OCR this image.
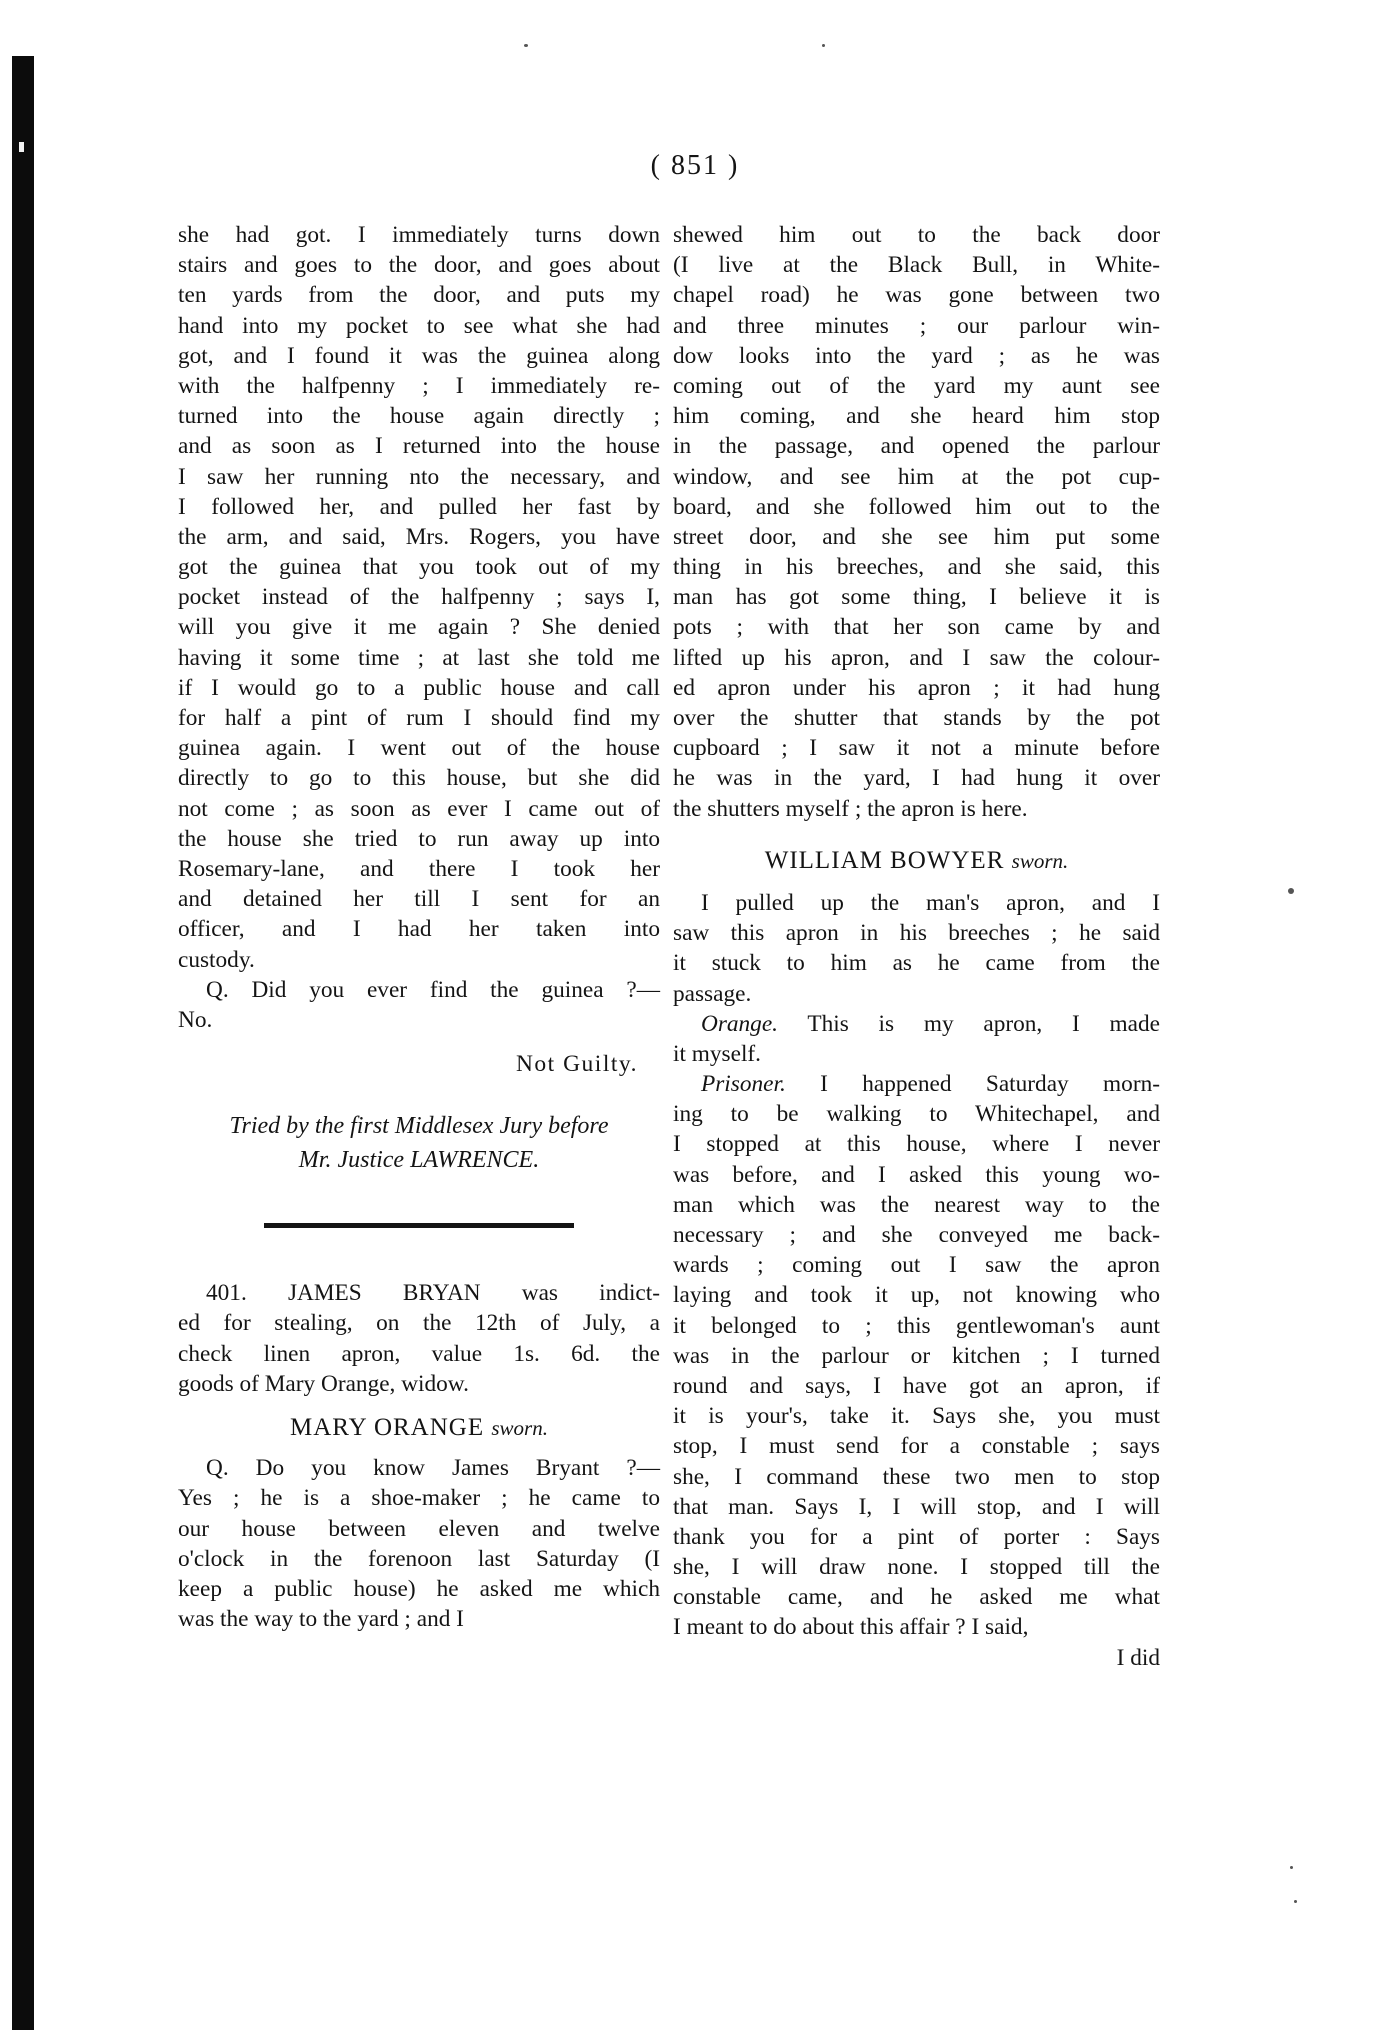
( 851 )
she had got. I immediately turns down
stairs and goes to the door, and goes about
ten yards from the door, and puts my
hand into my pocket to see what she had
got, and I found it was the guinea along
with the halfpenny ; I immediately re-
turned into the house again directly ;
and as soon as I returned into the house
I saw her running nto the necessary, and
I followed her, and pulled her fast by
the arm, and said, Mrs. Rogers, you have
got the guinea that you took out of my
pocket instead of the halfpenny ; says I,
will you give it me again ? She denied
having it some time ; at last she told me
if I would go to a public house and call
for half a pint of rum I should find my
guinea again. I went out of the house
directly to go to this house, but she did
not come ; as soon as ever I came out of
the house she tried to run away up into
Rosemary-lane, and there I took her
and detained her till I sent for an
officer, and I had her taken into
custody.
Q. Did you ever find the guinea ?—
No.
Not Guilty.
Tried by the first Middlesex Jury before
Mr. Justice LAWRENCE.
401. JAMES BRYAN was indict-
ed for stealing, on the 12th of July, a
check linen apron, value 1s. 6d. the
goods of Mary Orange, widow.
MARY ORANGE sworn.
Q. Do you know James Bryant ?—
Yes ; he is a shoe-maker ; he came to
our house between eleven and twelve
o'clock in the forenoon last Saturday (I
keep a public house) he asked me which
was the way to the yard ; and I
shewed him out to the back door
(I live at the Black Bull, in White-
chapel road) he was gone between two
and three minutes ; our parlour win-
dow looks into the yard ; as he was
coming out of the yard my aunt see
him coming, and she heard him stop
in the passage, and opened the parlour
window, and see him at the pot cup-
board, and she followed him out to the
street door, and she see him put some
thing in his breeches, and she said, this
man has got some thing, I believe it is
pots ; with that her son came by and
lifted up his apron, and I saw the colour-
ed apron under his apron ; it had hung
over the shutter that stands by the pot
cupboard ; I saw it not a minute before
he was in the yard, I had hung it over
the shutters myself ; the apron is here.
WILLIAM BOWYER sworn.
I pulled up the man's apron, and I
saw this apron in his breeches ; he said
it stuck to him as he came from the
passage.
Orange. This is my apron, I made
it myself.
Prisoner. I happened Saturday morn-
ing to be walking to Whitechapel, and
I stopped at this house, where I never
was before, and I asked this young wo-
man which was the nearest way to the
necessary ; and she conveyed me back-
wards ; coming out I saw the apron
laying and took it up, not knowing who
it belonged to ; this gentlewoman's aunt
was in the parlour or kitchen ; I turned
round and says, I have got an apron, if
it is your's, take it. Says she, you must
stop, I must send for a constable ; says
she, I command these two men to stop
that man. Says I, I will stop, and I will
thank you for a pint of porter : Says
she, I will draw none. I stopped till the
constable came, and he asked me what
I meant to do about this affair ? I said,
I did
